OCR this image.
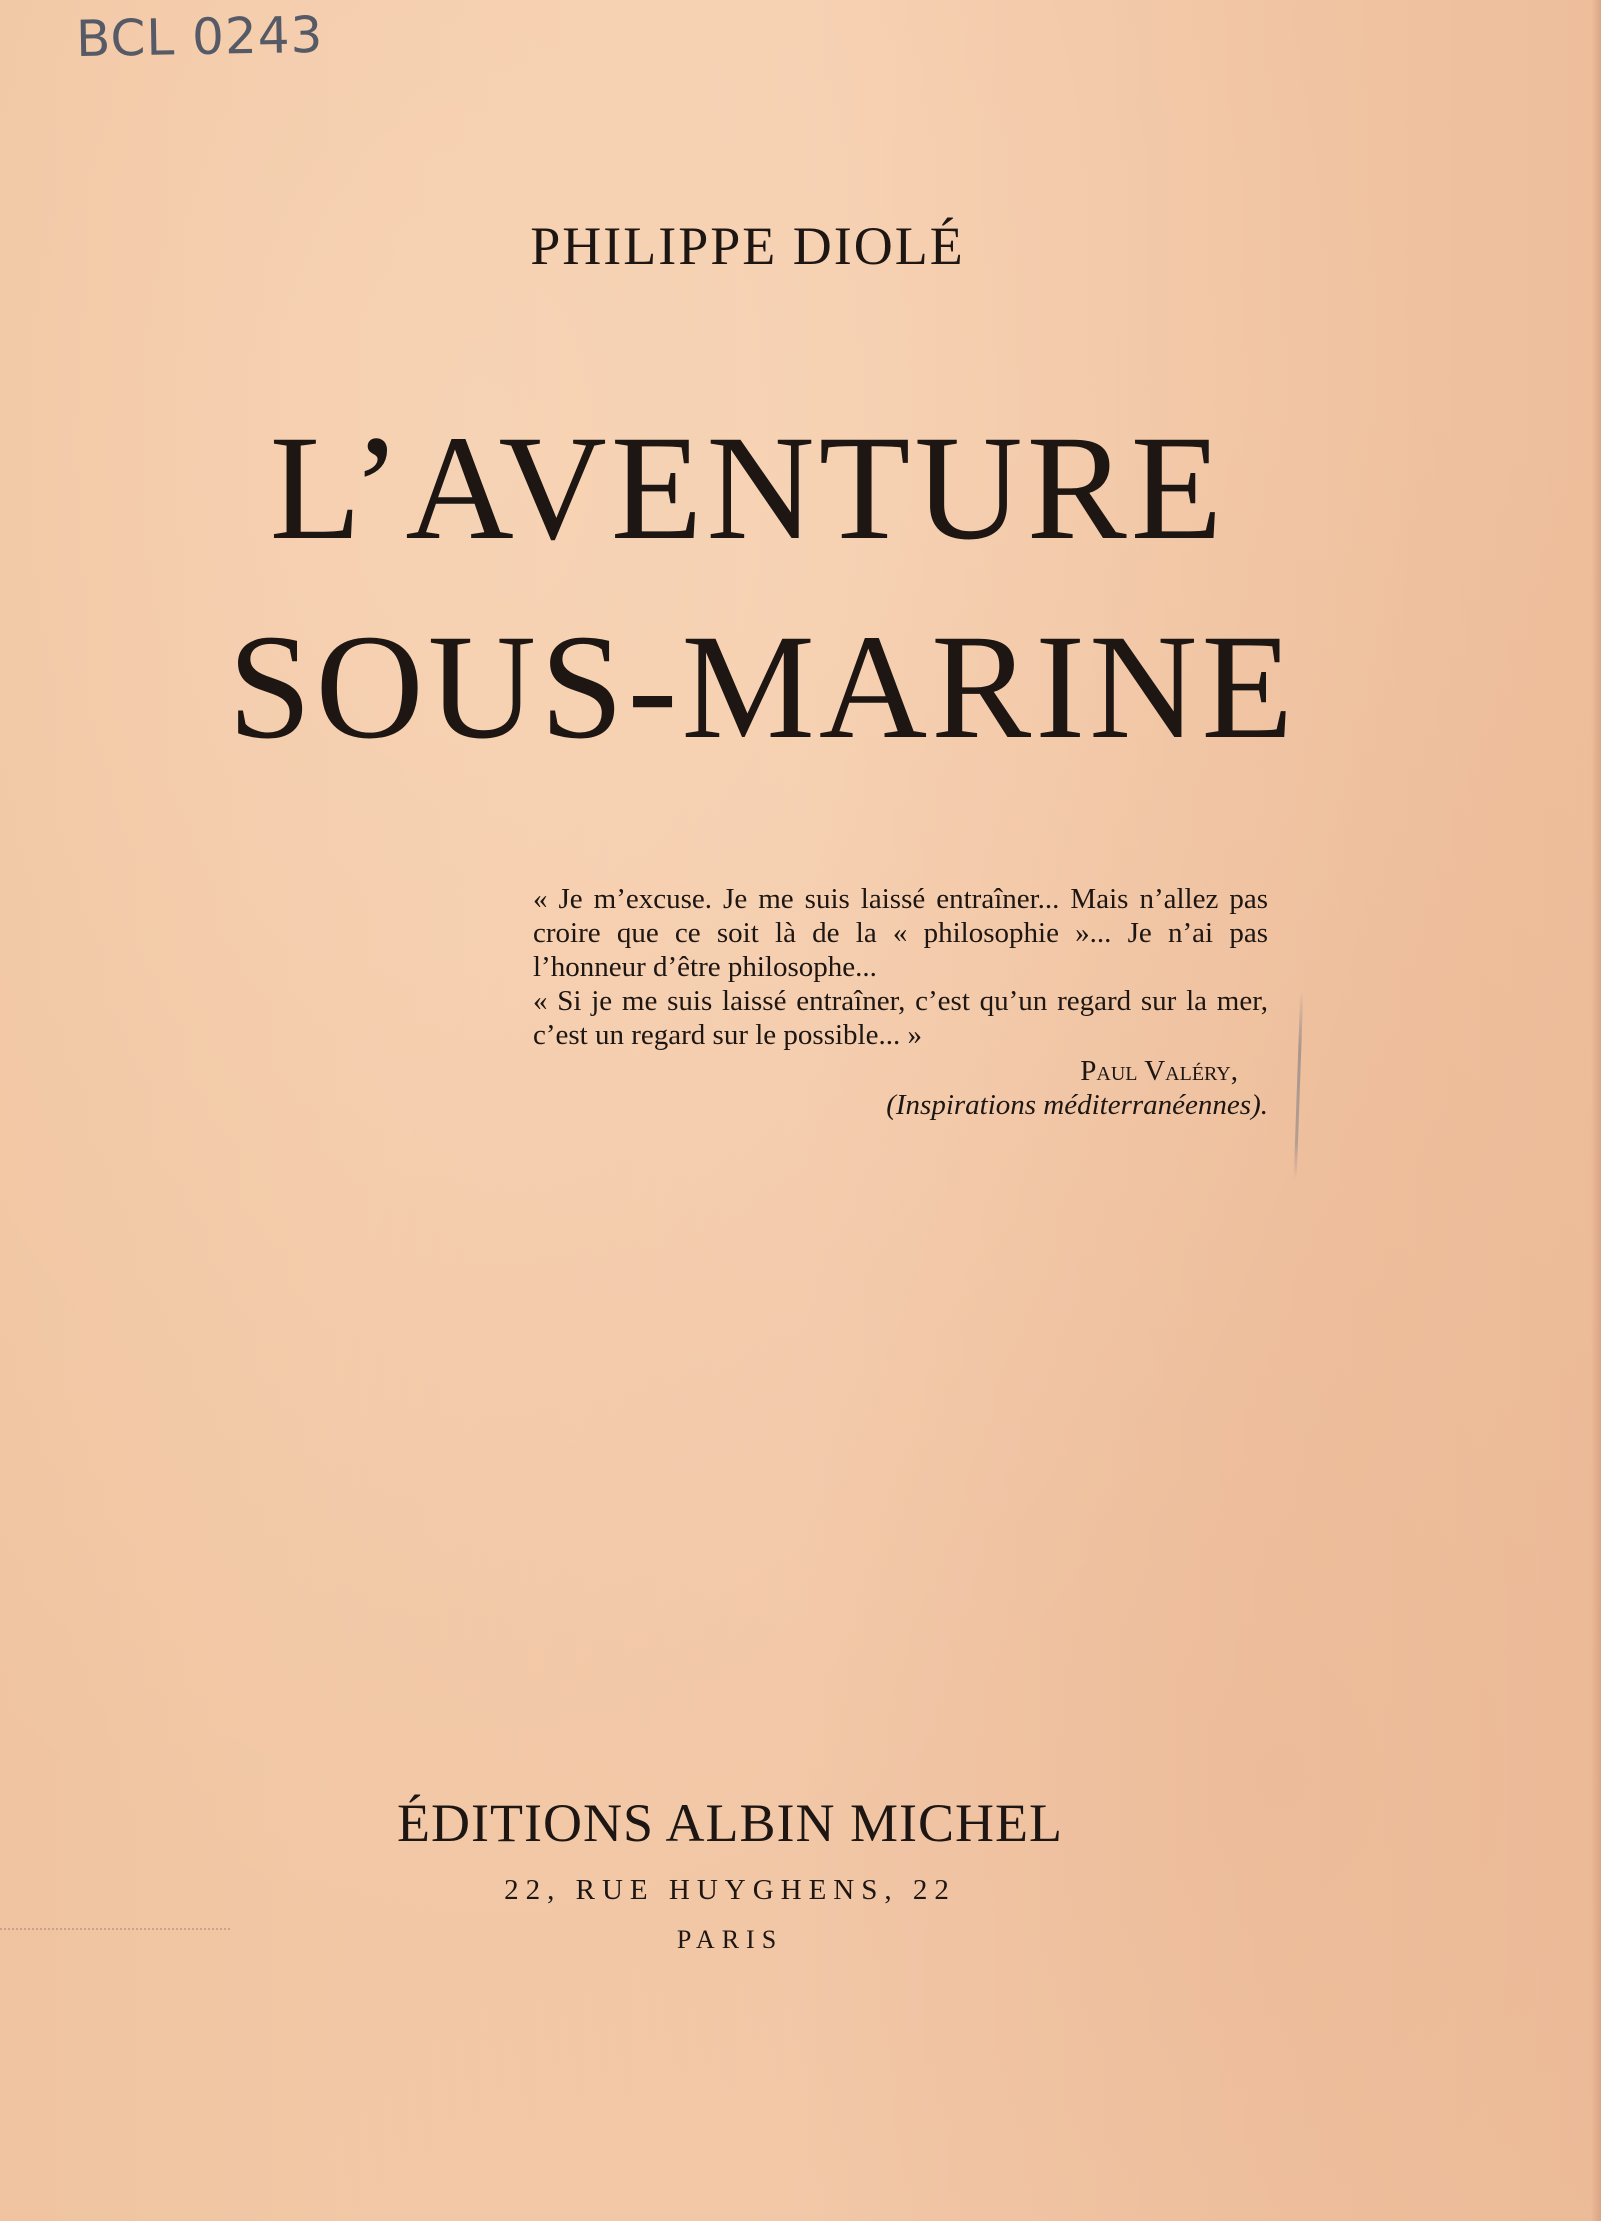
BCL 0243
PHILIPPE DIOLÉ
L’AVENTURE
SOUS-MARINE

« Je m’excuse. Je me suis laissé entraîner... Mais n’allez pas croire que ce soit là de la « philosophie »... Je n’ai pas l’honneur d’être philosophe...

« Si je me suis laissé entraîner, c’est qu’un regard sur la mer, c’est un regard sur le possible... »

Paul Valéry,

(Inspirations méditerranéennes).

ÉDITIONS ALBIN MICHEL
22, RUE HUYGHENS, 22
PARIS
